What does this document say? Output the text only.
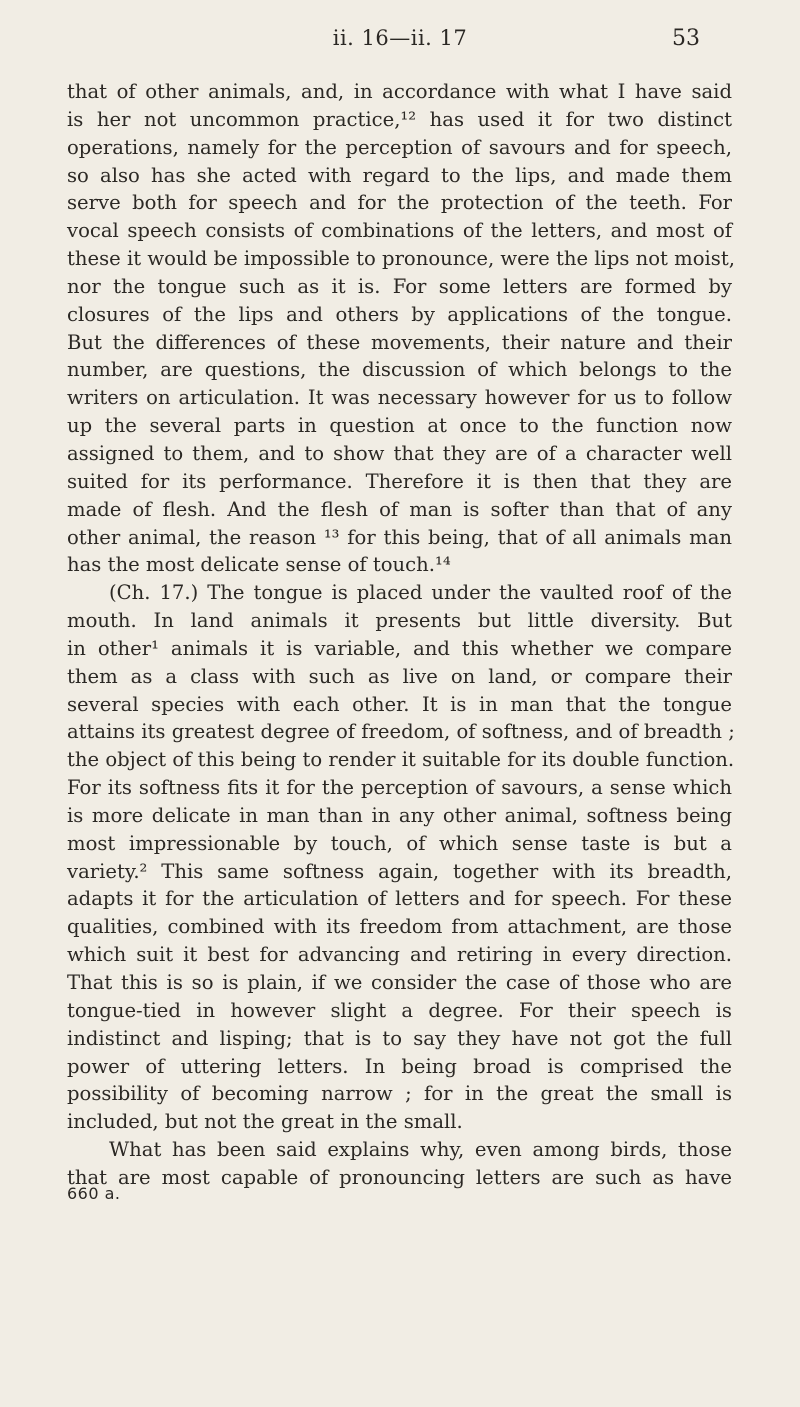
ii. 16—ii. 17	53
that of other animals, and, in accordance with what I have said
is her not uncommon practice,¹² has used it for two distinct
operations, namely for the perception of savours and for speech,
so also has she acted with regard to the lips, and made them
serve both for speech and for the protection of the teeth. For
vocal speech consists of combinations of the letters, and most of
these it would be impossible to pronounce, were the lips not moist,
nor the tongue such as it is. For some letters are formed by
closures of the lips and others by applications of the tongue.
But the differences of these movements, their nature and their
number, are questions, the discussion of which belongs to the
writers on articulation. It was necessary however for us to follow
up the several parts in question at once to the function now
assigned to them, and to show that they are of a character well
suited for its performance. Therefore it is then that they are
made of flesh. And the flesh of man is softer than that of any
other animal, the reason ¹³ for this being, that of all animals man
has the most delicate sense of touch.¹⁴
(Ch. 17.) The tongue is placed under the vaulted roof of the
mouth. In land animals it presents but little diversity. But
in other¹ animals it is variable, and this whether we compare
them as a class with such as live on land, or compare their
several species with each other. It is in man that the tongue
attains its greatest degree of freedom, of softness, and of breadth ;
the object of this being to render it suitable for its double function.
For its softness fits it for the perception of savours, a sense which
is more delicate in man than in any other animal, softness being
most impressionable by touch, of which sense taste is but a
variety.² This same softness again, together with its breadth,
adapts it for the articulation of letters and for speech. For these
qualities, combined with its freedom from attachment, are those
which suit it best for advancing and retiring in every direction.
That this is so is plain, if we consider the case of those who are
tongue-tied in however slight a degree. For their speech is
indistinct and lisping; that is to say they have not got the full
power of uttering letters. In being broad is comprised the
possibility of becoming narrow ; for in the great the small is
included, but not the great in the small.
What has been said explains why, even among birds, those
that are most capable of pronouncing letters are such as have
660 a.
